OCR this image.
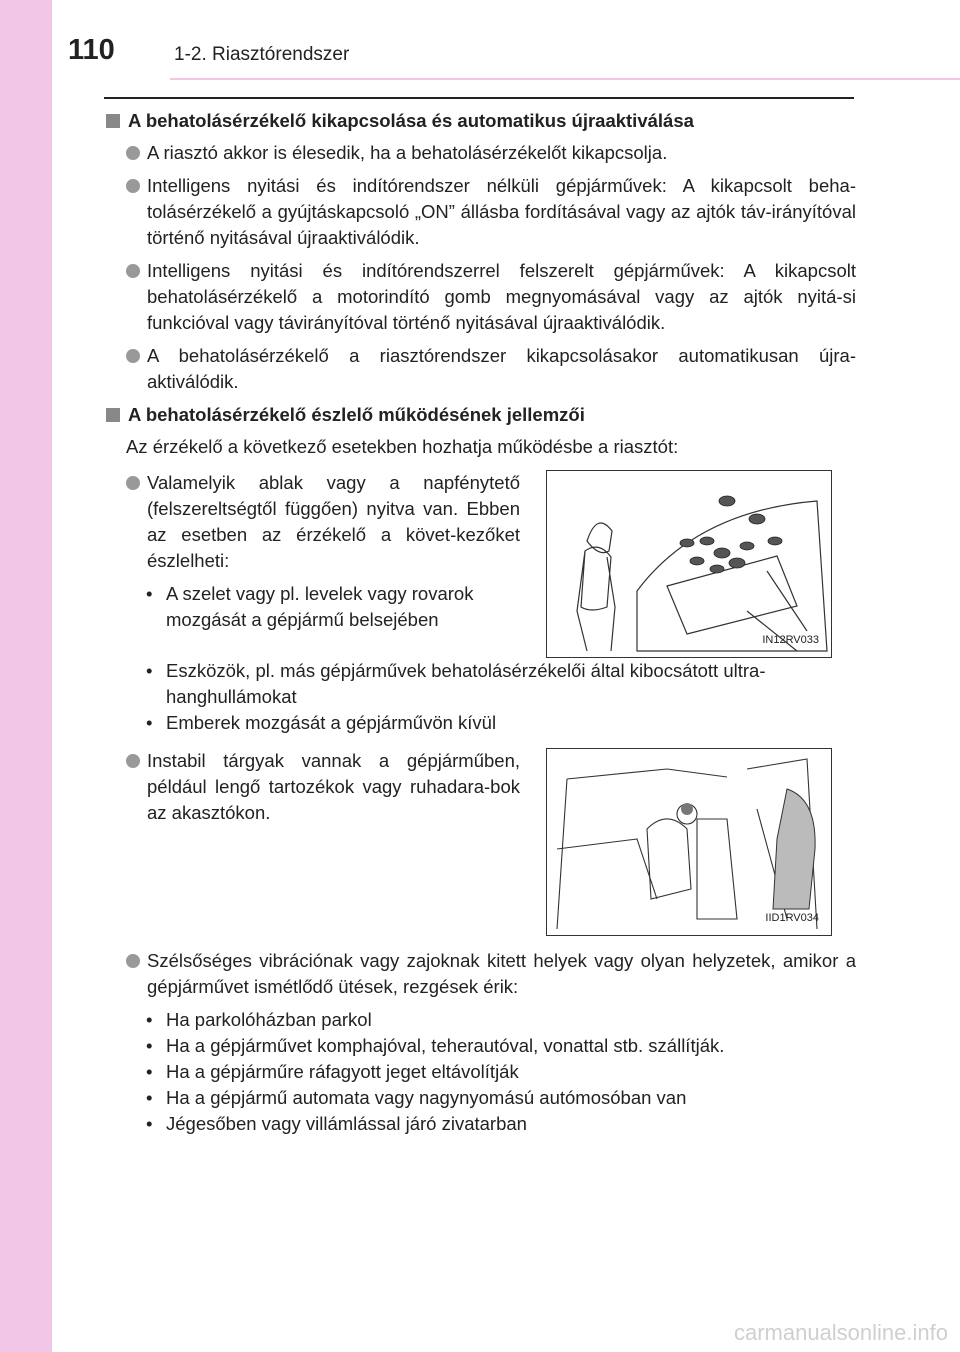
110	1-2. Riasztórendszer
A behatolásérzékelő kikapcsolása és automatikus újraaktiválása
A riasztó akkor is élesedik, ha a behatolásérzékelőt kikapcsolja.
Intelligens nyitási és indítórendszer nélküli gépjárművek: A kikapcsolt beha-tolásérzékelő a gyújtáskapcsoló „ON” állásba fordításával vagy az ajtók táv-irányítóval történő nyitásával újraaktiválódik.
Intelligens nyitási és indítórendszerrel felszerelt gépjárművek: A kikapcsolt behatolásérzékelő a motorindító gomb megnyomásával vagy az ajtók nyitá-si funkcióval vagy távirányítóval történő nyitásával újraaktiválódik.
A behatolásérzékelő a riasztórendszer kikapcsolásakor automatikusan újra-aktiválódik.
A behatolásérzékelő észlelő működésének jellemzői
Az érzékelő a következő esetekben hozhatja működésbe a riasztót:
Valamelyik ablak vagy a napfénytető (felszereltségtől függően) nyitva van. Ebben az esetben az érzékelő a követ-kezőket észlelheti:
• A szelet vagy pl. levelek vagy rovarok mozgását a gépjármű belsejében
IN12RV033
• Eszközök, pl. más gépjárművek behatolásérzékelői által kibocsátott ultra-hanghullámokat
• Emberek mozgását a gépjárművön kívül
Instabil tárgyak vannak a gépjárműben, például lengő tartozékok vagy ruhadara-bok az akasztókon.
IID1RV034
Szélsőséges vibrációnak vagy zajoknak kitett helyek vagy olyan helyzetek, amikor a gépjárművet ismétlődő ütések, rezgések érik:
• Ha parkolóházban parkol
• Ha a gépjárművet komphajóval, teherautóval, vonattal stb. szállítják.
• Ha a gépjárműre ráfagyott jeget eltávolítják
• Ha a gépjármű automata vagy nagynyomású autómosóban van
• Jégesőben vagy villámlással járó zivatarban
carmanualsonline.info
